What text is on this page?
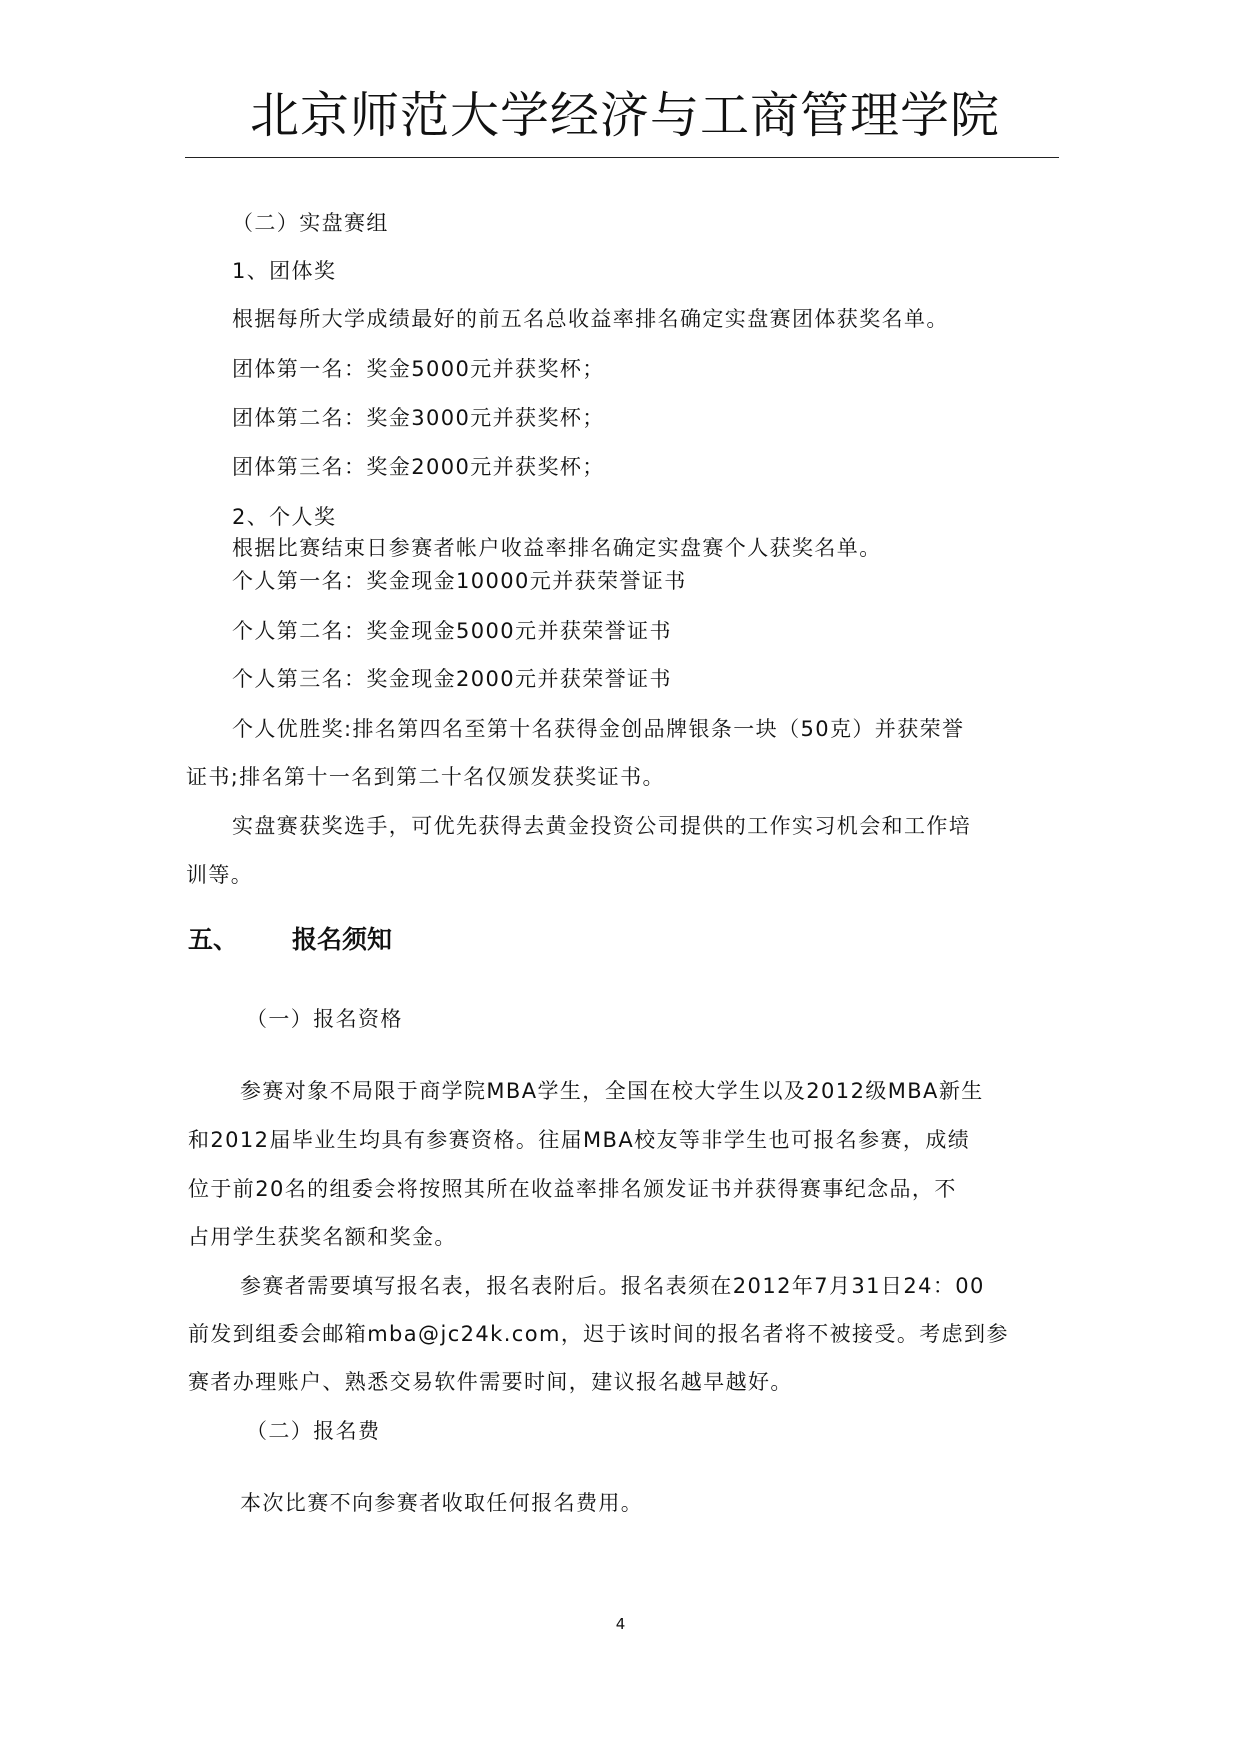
北京师范大学经济与工商管理学院
（二）实盘赛组
1、团体奖
根据每所大学成绩最好的前五名总收益率排名确定实盘赛团体获奖名单。
团体第一名：奖金5000元并获奖杯；
团体第二名：奖金3000元并获奖杯；
团体第三名：奖金2000元并获奖杯；
2、个人奖
根据比赛结束日参赛者帐户收益率排名确定实盘赛个人获奖名单。
个人第一名：奖金现金10000元并获荣誉证书
个人第二名：奖金现金5000元并获荣誉证书
个人第三名：奖金现金2000元并获荣誉证书
个人优胜奖:排名第四名至第十名获得金创品牌银条一块（50克）并获荣誉
证书;排名第十一名到第二十名仅颁发获奖证书。
实盘赛获奖选手，可优先获得去黄金投资公司提供的工作实习机会和工作培
训等。
五、 报名须知
（一）报名资格
参赛对象不局限于商学院MBA学生，全国在校大学生以及2012级MBA新生
和2012届毕业生均具有参赛资格。往届MBA校友等非学生也可报名参赛，成绩
位于前20名的组委会将按照其所在收益率排名颁发证书并获得赛事纪念品，不
占用学生获奖名额和奖金。
参赛者需要填写报名表，报名表附后。报名表须在2012年7月31日24：00
前发到组委会邮箱mba@jc24k.com，迟于该时间的报名者将不被接受。考虑到参
赛者办理账户、熟悉交易软件需要时间，建议报名越早越好。
（二）报名费
本次比赛不向参赛者收取任何报名费用。
4
